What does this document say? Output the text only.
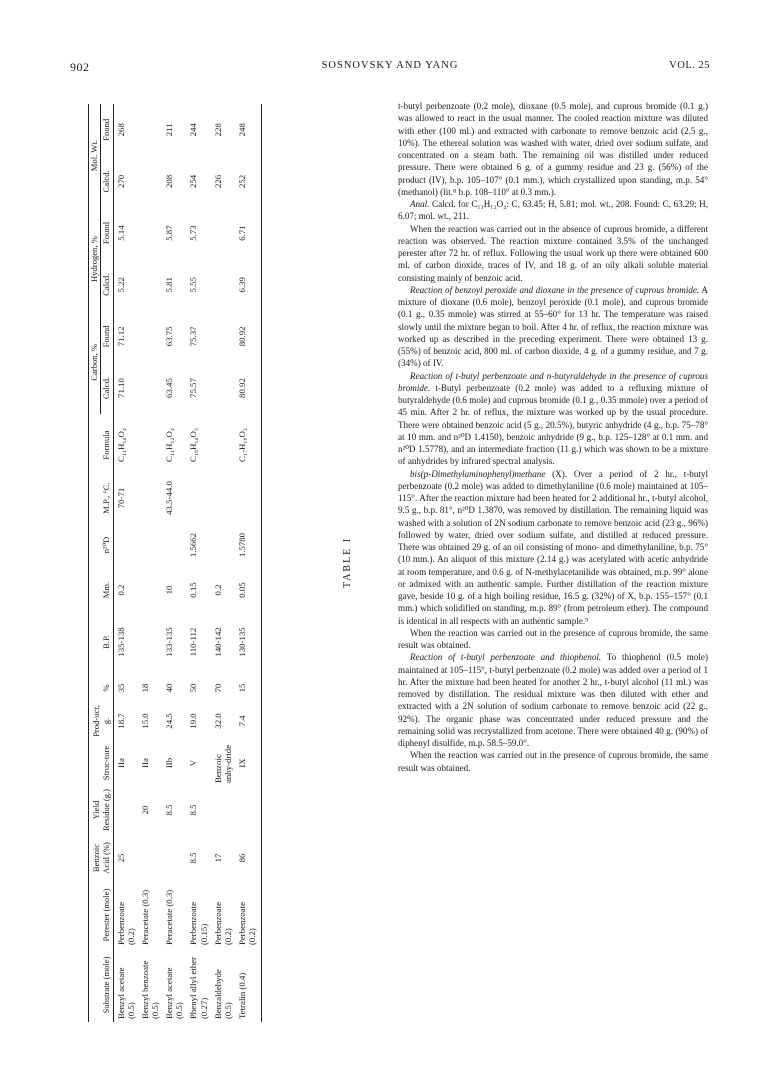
902	SOSNOVSKY AND YANG	VOL. 25
TABLE I
Substrate (mole)	Perester (mole)	Benzoic Acid (%)	Yield Residue (g.)	Struc-ture	Prod-uct, g.	%	B.P.	Mm.	n²⁰D	M.P., °C.	Formula	Carbon, %		Hydrogen, %		Mol. Wt.	
												Calcd.	Found	Calcd.	Found	Calcd.	Found
Benzyl acetate (0.5)	Perbenzoate (0.2)	25		IIa	18.7	35	135-138	0.2		70-71	C₁₁H₁₄O₄	71.10	71.12	5.22	5.14	270	268
Benzyl benzoate (0.5)	Peracetate (0.3)		20	IIa	15.0	18											
Benzyl acetate (0.5)	Peracetate (0.3)		8.5	IIb	24.5	40	133-135	10		43.5-44.0	C₁₁H₁₂O₄	63.45	63.75	5.81	5.87	208	211
Phenyl allyl ether (0.27)	Perbenzoate (0.15)	8.5	8.5	V	19.0	50	110-112	0.15	1.5662		C₁₆H₁₄O₃	75.57	75.37	5.55	5.73	254	244
Benzaldehyde (0.5)	Perbenzoate (0.2)	17		Benzoic anhy-dride	32.0	70	140-142	0.2								226	228
Tetralin (0.4)	Perbenzoate (0.2)	86		IX	7.4	15	130-135	0.05	1.5780		C₁₇H₁₆O₂	80.92	80.92	6.39	6.71	252	248

t-butyl perbenzoate (0.2 mole), dioxane (0.5 mole), and cuprous bromide (0.1 g.) was allowed to react in the usual manner. The cooled reaction mixture was diluted with ether (100 ml.) and extracted with carbonate to remove benzoic acid (2.5 g., 10%). The ethereal solution was washed with water, dried over sodium sulfate, and concentrated on a steam bath. The remaining oil was distilled under reduced pressure. There were obtained 6 g. of a gummy residue and 23 g. (56%) of the product (IV), b.p. 105–107° (0.1 mm.), which crystallized upon standing, m.p. 54° (methanol) (lit.⁸ b.p. 108–110° at 0.3 mm.).

Anal. Calcd. for C₁₁H₁₂O₄: C, 63.45; H, 5.81; mol. wt., 208. Found: C, 63.29; H, 6.07; mol. wt., 211.

When the reaction was carried out in the absence of cuprous bromide, a different reaction was observed. The reaction mixture contained 3.5% of the unchanged perester after 72 hr. of reflux. Following the usual work up there were obtained 600 ml. of carbon dioxide, traces of IV, and 18 g. of an oily alkali soluble material consisting mainly of benzoic acid.

Reaction of benzoyl peroxide and dioxane in the presence of cuprous bromide. A mixture of dioxane (0.6 mole), benzoyl peroxide (0.1 mole), and cuprous bromide (0.1 g., 0.35 mmole) was stirred at 55–60° for 13 hr. The temperature was raised slowly until the mixture began to boil. After 4 hr. of reflux, the reaction mixture was worked up as described in the preceding experiment. There were obtained 13 g. (55%) of benzoic acid, 800 ml. of carbon dioxide, 4 g. of a gummy residue, and 7 g. (34%) of IV.

Reaction of t-butyl perbenzoate and n-butyraldehyde in the presence of cuprous bromide. t-Butyl perbenzoate (0.2 mole) was added to a refluxing mixture of butyraldehyde (0.6 mole) and cuprous bromide (0.1 g., 0.35 mmole) over a period of 45 min. After 2 hr. of reflux, the mixture was worked up by the usual procedure. There were obtained benzoic acid (5 g., 20.5%), butyric anhydride (4 g., b.p. 75–78° at 10 mm. and n²⁰D 1.4150), benzoic anhydride (9 g., b.p. 125–128° at 0.1 mm. and n²⁰D 1.5778), and an intermediate fraction (11 g.) which was shown to be a mixture of anhydrides by infrared spectral analysis.

bis(p-Dimethylaminophenyl)methane (X). Over a period of 2 hr., t-butyl perbenzoate (0.2 mole) was added to dimethylaniline (0.6 mole) maintained at 105–115°. After the reaction mixture had been heated for 2 additional hr., t-butyl alcohol, 9.5 g., b.p. 81°, n²⁰D 1.3870, was removed by distillation. The remaining liquid was washed with a solution of 2N sodium carbonate to remove benzoic acid (23 g., 96%) followed by water, dried over sodium sulfate, and distilled at reduced pressure. There was obtained 29 g. of an oil consisting of mono- and dimethylaniline, b.p. 75° (10 mm.). An aliquot of this mixture (2.14 g.) was acetylated with acetic anhydride at room temperature, and 0.6 g. of N-methylacetanilide was obtained, m.p. 99° alone or admixed with an authentic sample. Further distillation of the reaction mixture gave, beside 10 g. of a high boiling residue, 16.5 g. (32%) of X, b.p. 155–157° (0.1 mm.) which solidified on standing, m.p. 89° (from petroleum ether). The compound is identical in all respects with an authentic sample.⁹

When the reaction was carried out in the presence of cuprous bromide, the same result was obtained.

Reaction of t-butyl perbenzoate and thiophenol. To thiophenol (0.5 mole) maintained at 105–115°, t-butyl perbenzoate (0.2 mole) was added over a period of 1 hr. After the mixture had been heated for another 2 hr., t-butyl alcohol (11 ml.) was removed by distillation. The residual mixture was then diluted with ether and extracted with a 2N solution of sodium carbonate to remove benzoic acid (22 g., 92%). The organic phase was concentrated under reduced pressure and the remaining solid was recrystallized from acetone. There were obtained 40 g. (90%) of diphenyl disulfide, m.p. 58.5–59.0°.

When the reaction was carried out in the presence of cuprous bromide, the same result was obtained.
